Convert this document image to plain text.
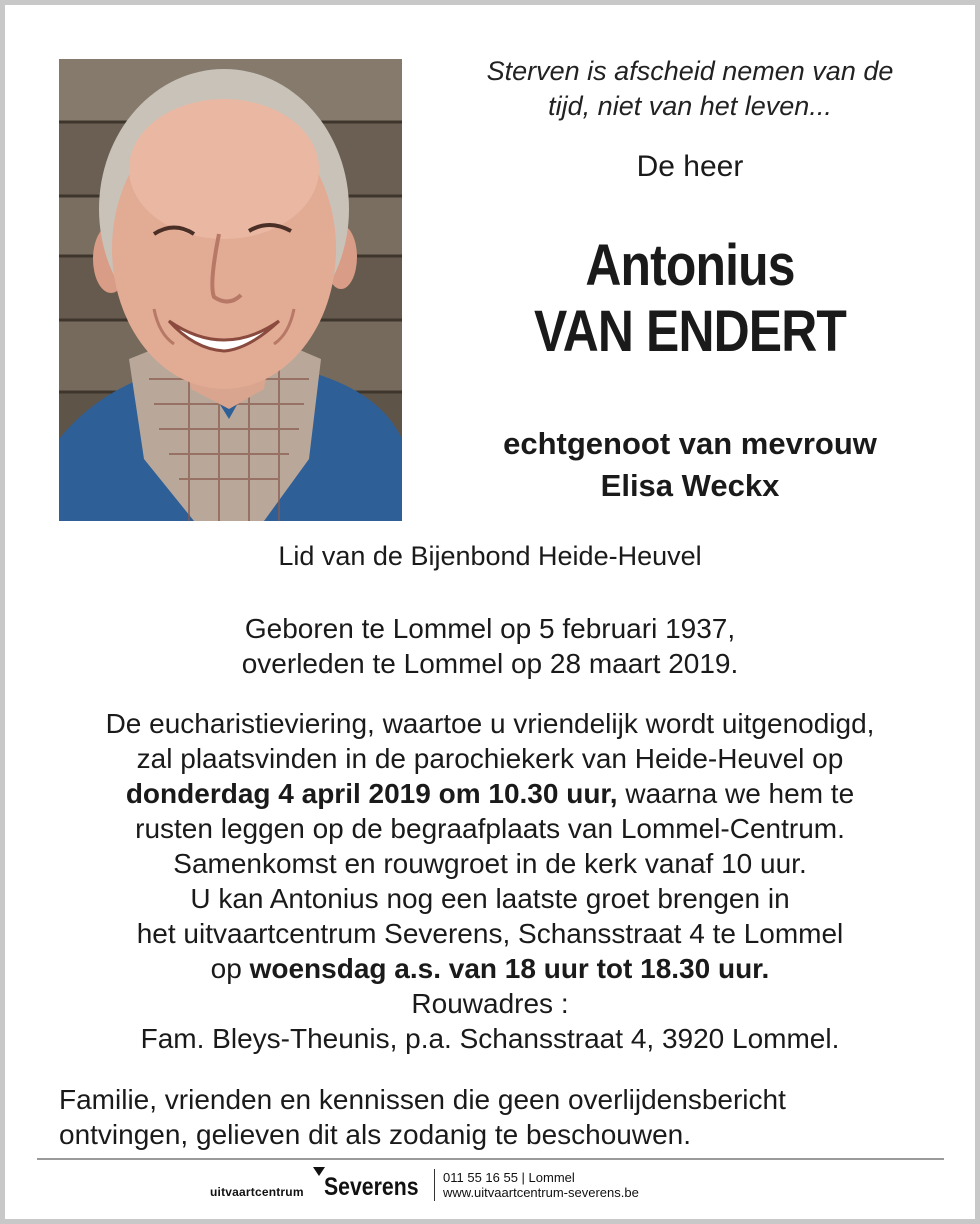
Sterven is afscheid nemen van de
tijd, niet van het leven...
De heer
Antonius
VAN ENDERT
echtgenoot van mevrouw
Elisa Weckx
Lid van de Bijenbond Heide-Heuvel
Geboren te Lommel op 5 februari 1937,
overleden te Lommel op 28 maart 2019.
De eucharistieviering, waartoe u vriendelijk wordt uitgenodigd,
zal plaatsvinden in de parochiekerk van Heide-Heuvel op
donderdag 4 april 2019 om 10.30 uur, waarna we hem te
rusten leggen op de begraafplaats van Lommel-Centrum.
Samenkomst en rouwgroet in de kerk vanaf 10 uur.
U kan Antonius nog een laatste groet brengen in
het uitvaartcentrum Severens, Schansstraat 4 te Lommel
op woensdag a.s. van 18 uur tot 18.30 uur.
Rouwadres :
Fam. Bleys-Theunis, p.a. Schansstraat 4, 3920 Lommel.
Familie, vrienden en kennissen die geen overlijdensbericht
ontvingen, gelieven dit als zodanig te beschouwen.
uitvaartcentrum Severens 011 55 16 55 | Lommel
www.uitvaartcentrum-severens.be
